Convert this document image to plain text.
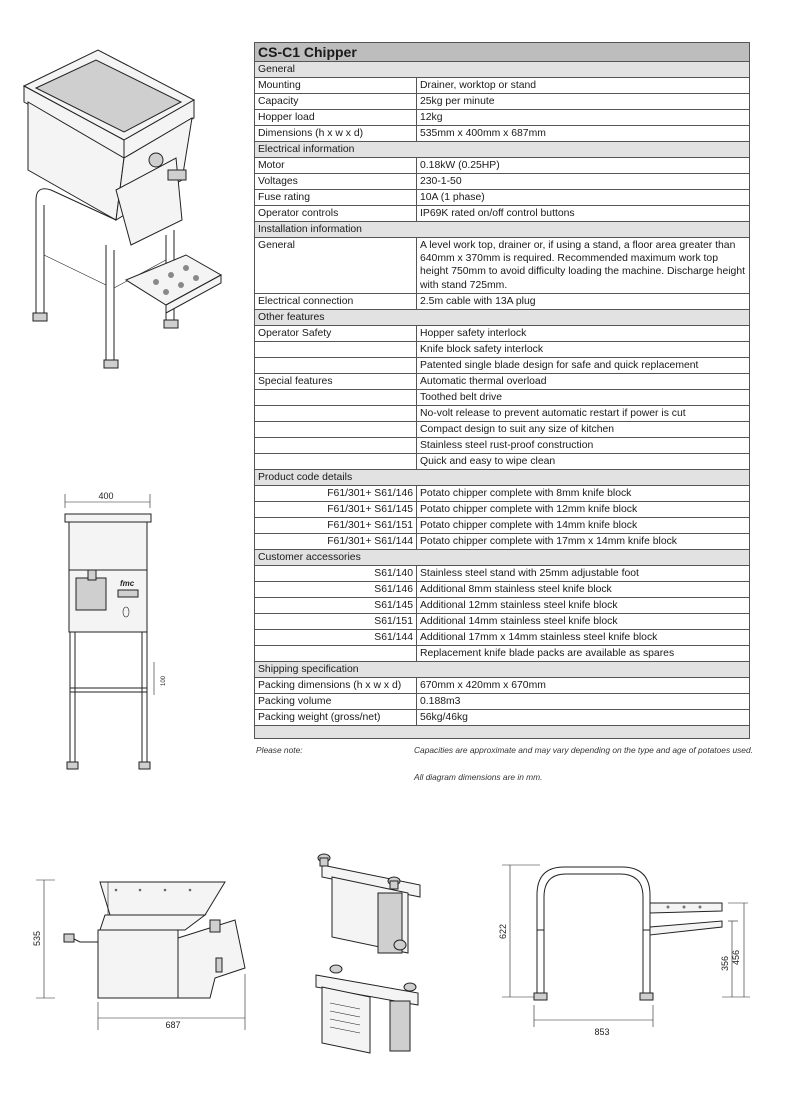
400
fmc
100
CS-C1 Chipper	
General	
Mounting	Drainer, worktop or stand
Capacity	25kg per minute
Hopper load	12kg
Dimensions (h x w x d)	535mm x 400mm x 687mm
Electrical information	
Motor	0.18kW (0.25HP)
Voltages	230-1-50
Fuse rating	10A (1 phase)
Operator controls	IP69K rated on/off control buttons
Installation information	
General	A level work top, drainer or, if using a stand, a floor area greater than 640mm x 370mm is required. Recommended maximum work top height 750mm to avoid difficulty loading the machine. Discharge height with stand 725mm.
Electrical connection	2.5m cable with 13A plug
Other features	
Operator Safety	Hopper safety interlock
	Knife block safety interlock
	Patented single blade design for safe and quick replacement
Special features	Automatic thermal overload
	Toothed belt drive
	No-volt release to prevent automatic restart if power is cut
	Compact design to suit any size of kitchen
	Stainless steel rust-proof construction
	Quick and easy to wipe clean
Product code details	
F61/301+ S61/146	Potato chipper complete with 8mm knife block
F61/301+ S61/145	Potato chipper complete with 12mm knife block
F61/301+ S61/151	Potato chipper complete with 14mm knife block
F61/301+ S61/144	Potato chipper complete with 17mm x 14mm knife block
Customer accessories	
S61/140	Stainless steel stand with 25mm adjustable foot
S61/146	Additional 8mm stainless steel knife block
S61/145	Additional 12mm stainless steel knife block
S61/151	Additional 14mm stainless steel knife block
S61/144	Additional 17mm x 14mm stainless steel knife block
	Replacement knife blade packs are available as spares
Shipping specification	
Packing dimensions (h x w x d)	670mm x 420mm x 670mm
Packing volume	0.188m3
Packing weight (gross/net)	56kg/46kg

Please note:	Capacities are approximate and may vary depending on the type and age of potatoes used.
All diagram dimensions are in mm.
535
687
622
456
356
853
